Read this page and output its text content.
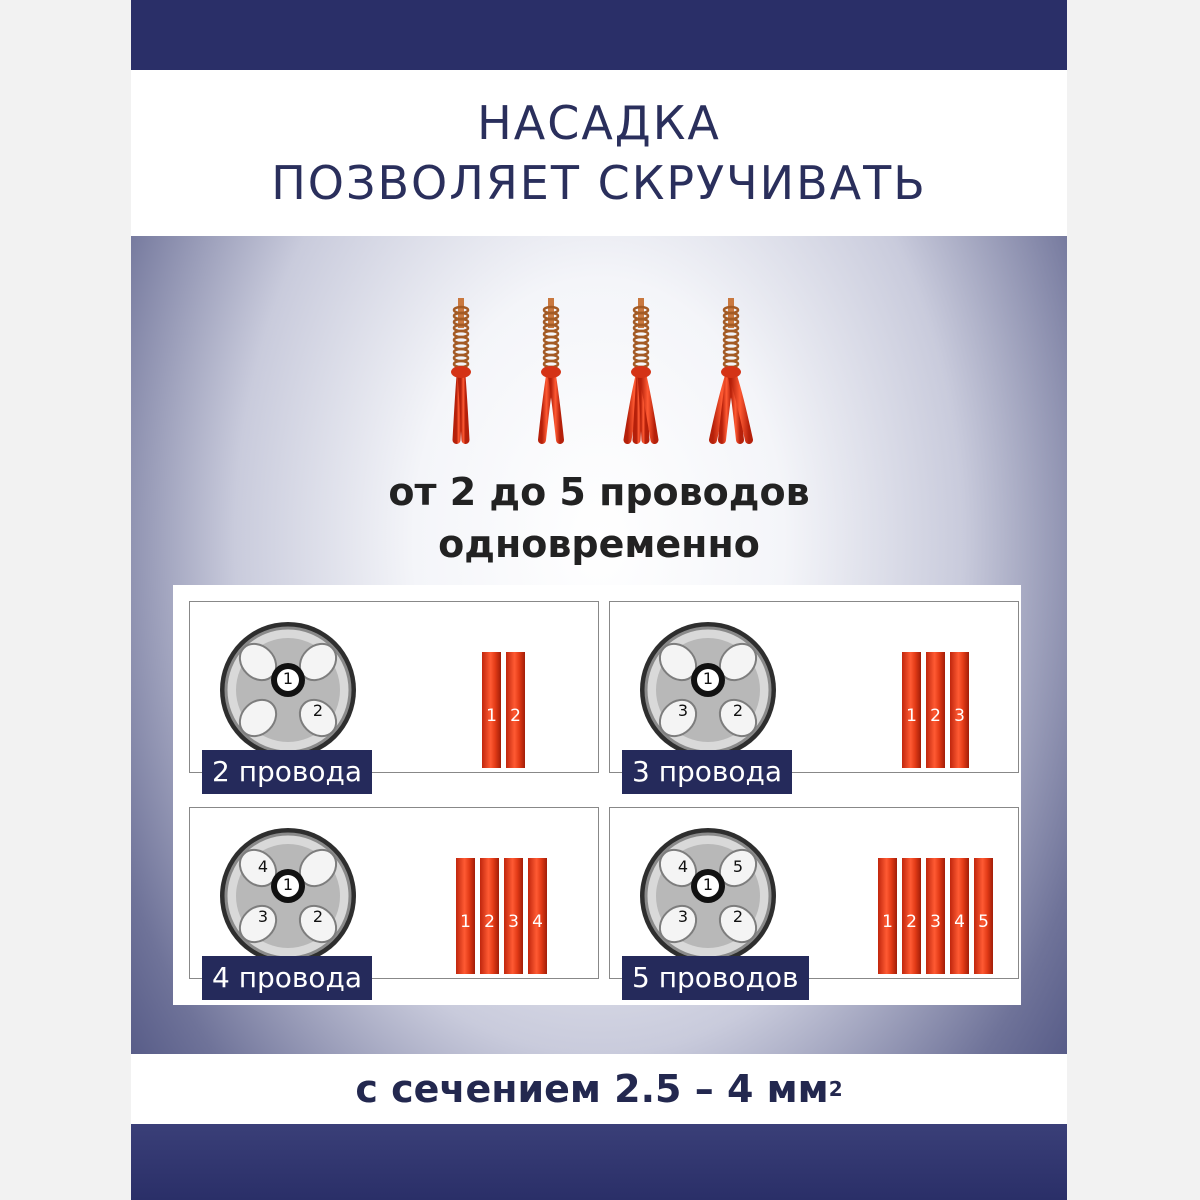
НАСАДКА
ПОЗВОЛЯЕТ СКРУЧИВАТЬ
от 2 до 5 проводов
одновременно
1
2	1 2
2 провода
1
2
3	1 2 3
3 провода
1
2
3
4
1 2 3 4
4 провода
1
2
3
4	5
1 2 3 4 5
5 проводов
с сечением 2.5 – 4 мм 2
